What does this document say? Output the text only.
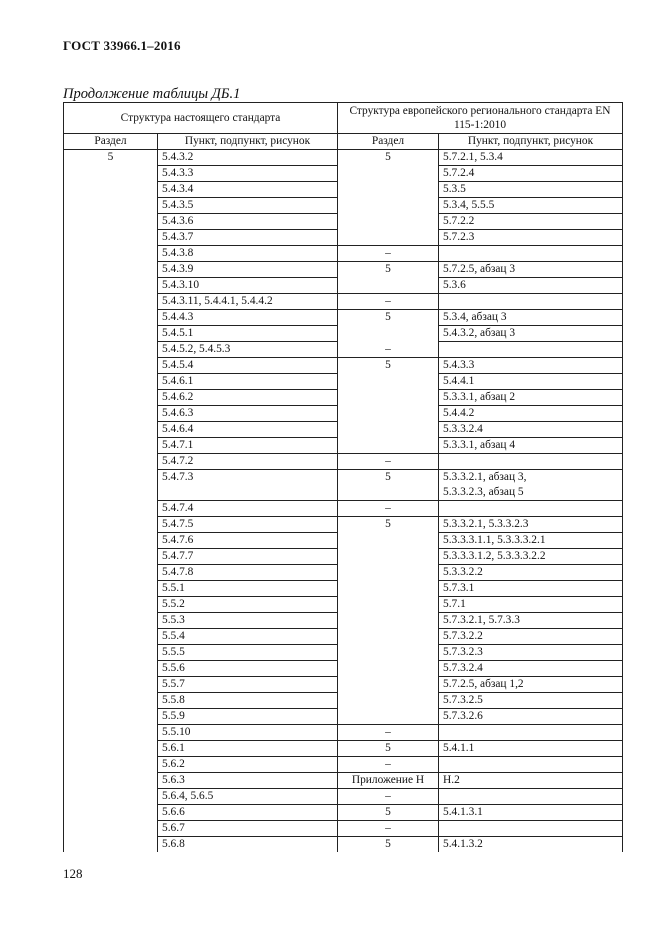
ГОСТ 33966.1–2016
Продолжение таблицы ДБ.1
Структура настоящего стандарта		Структура европейского регионального стандарта EN 115-1:2010	
Раздел	Пункт, подпункт, рисунок	Раздел	Пункт, подпункт, рисунок
5	5.4.3.2	5	5.7.2.1, 5.3.4
	5.4.3.3		5.7.2.4
	5.4.3.4		5.3.5
	5.4.3.5		5.3.4, 5.5.5
	5.4.3.6		5.7.2.2
	5.4.3.7		5.7.2.3
	5.4.3.8	–	
	5.4.3.9	5	5.7.2.5, абзац 3
	5.4.3.10		5.3.6
	5.4.3.11, 5.4.4.1, 5.4.4.2	–	
	5.4.4.3	5	5.3.4, абзац 3
	5.4.5.1		5.4.3.2, абзац 3
	5.4.5.2, 5.4.5.3	–	
	5.4.5.4	5	5.4.3.3
	5.4.6.1		5.4.4.1
	5.4.6.2		5.3.3.1, абзац 2
	5.4.6.3		5.4.4.2
	5.4.6.4		5.3.3.2.4
	5.4.7.1		5.3.3.1, абзац 4
	5.4.7.2	–	
	5.4.7.3	5	5.3.3.2.1, абзац 3,
5.3.3.2.3, абзац 5
	5.4.7.4	–	
	5.4.7.5	5	5.3.3.2.1, 5.3.3.2.3
	5.4.7.6		5.3.3.3.1.1, 5.3.3.3.2.1
	5.4.7.7		5.3.3.3.1.2, 5.3.3.3.2.2
	5.4.7.8		5.3.3.2.2
	5.5.1		5.7.3.1
	5.5.2		5.7.1
	5.5.3		5.7.3.2.1, 5.7.3.3
	5.5.4		5.7.3.2.2
	5.5.5		5.7.3.2.3
	5.5.6		5.7.3.2.4
	5.5.7		5.7.2.5, абзац 1,2
	5.5.8		5.7.3.2.5
	5.5.9		5.7.3.2.6
	5.5.10	–	
	5.6.1	5	5.4.1.1
	5.6.2	–	
	5.6.3	Приложение Н	Н.2
	5.6.4, 5.6.5	–	
	5.6.6	5	5.4.1.3.1
	5.6.7	–	
	5.6.8	5	5.4.1.3.2
128
